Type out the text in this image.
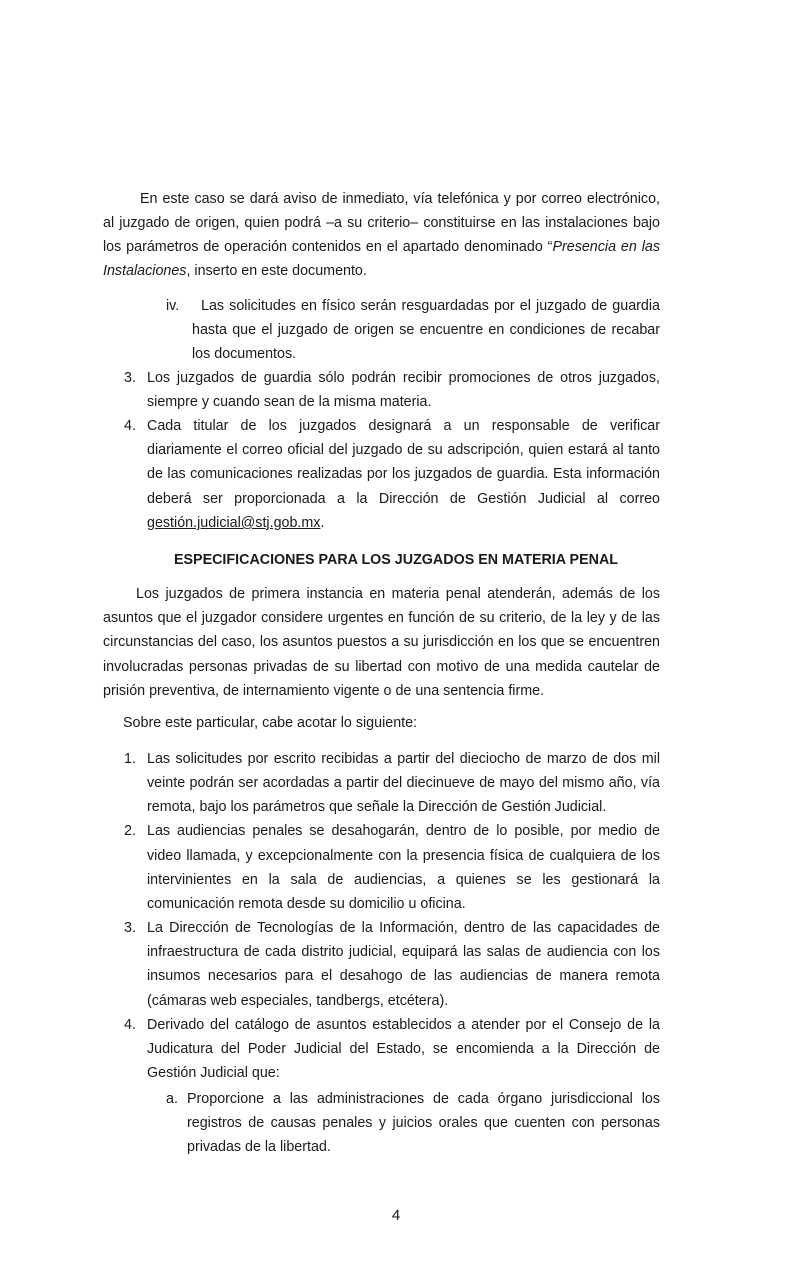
En este caso se dará aviso de inmediato, vía telefónica y por correo electrónico,
al juzgado de origen, quien podrá –a su criterio– constituirse en las instalaciones bajo
los parámetros de operación contenidos en el apartado denominado “Presencia en las
Instalaciones, inserto en este documento.
iv. Las solicitudes en físico serán resguardadas por el juzgado de guardia
hasta que el juzgado de origen se encuentre en condiciones de recabar
los documentos.
3. Los juzgados de guardia sólo podrán recibir promociones de otros juzgados,
siempre y cuando sean de la misma materia.
4. Cada titular de los juzgados designará a un responsable de verificar
diariamente el correo oficial del juzgado de su adscripción, quien estará al tanto
de las comunicaciones realizadas por los juzgados de guardia. Esta información
deberá ser proporcionada a la Dirección de Gestión Judicial al correo
gestión.judicial@stj.gob.mx.
ESPECIFICACIONES PARA LOS JUZGADOS EN MATERIA PENAL
Los juzgados de primera instancia en materia penal atenderán, además de los
asuntos que el juzgador considere urgentes en función de su criterio, de la ley y de las
circunstancias del caso, los asuntos puestos a su jurisdicción en los que se encuentren
involucradas personas privadas de su libertad con motivo de una medida cautelar de
prisión preventiva, de internamiento vigente o de una sentencia firme.
Sobre este particular, cabe acotar lo siguiente:
1. Las solicitudes por escrito recibidas a partir del dieciocho de marzo de dos mil
veinte podrán ser acordadas a partir del diecinueve de mayo del mismo año, vía
remota, bajo los parámetros que señale la Dirección de Gestión Judicial.
2. Las audiencias penales se desahogarán, dentro de lo posible, por medio de
video llamada, y excepcionalmente con la presencia física de cualquiera de los
intervinientes en la sala de audiencias, a quienes se les gestionará la
comunicación remota desde su domicilio u oficina.
3. La Dirección de Tecnologías de la Información, dentro de las capacidades de
infraestructura de cada distrito judicial, equipará las salas de audiencia con los
insumos necesarios para el desahogo de las audiencias de manera remota
(cámaras web especiales, tandbergs, etcétera).
4. Derivado del catálogo de asuntos establecidos a atender por el Consejo de la
Judicatura del Poder Judicial del Estado, se encomienda a la Dirección de
Gestión Judicial que:
a. Proporcione a las administraciones de cada órgano jurisdiccional los
registros de causas penales y juicios orales que cuenten con personas
privadas de la libertad.
4
